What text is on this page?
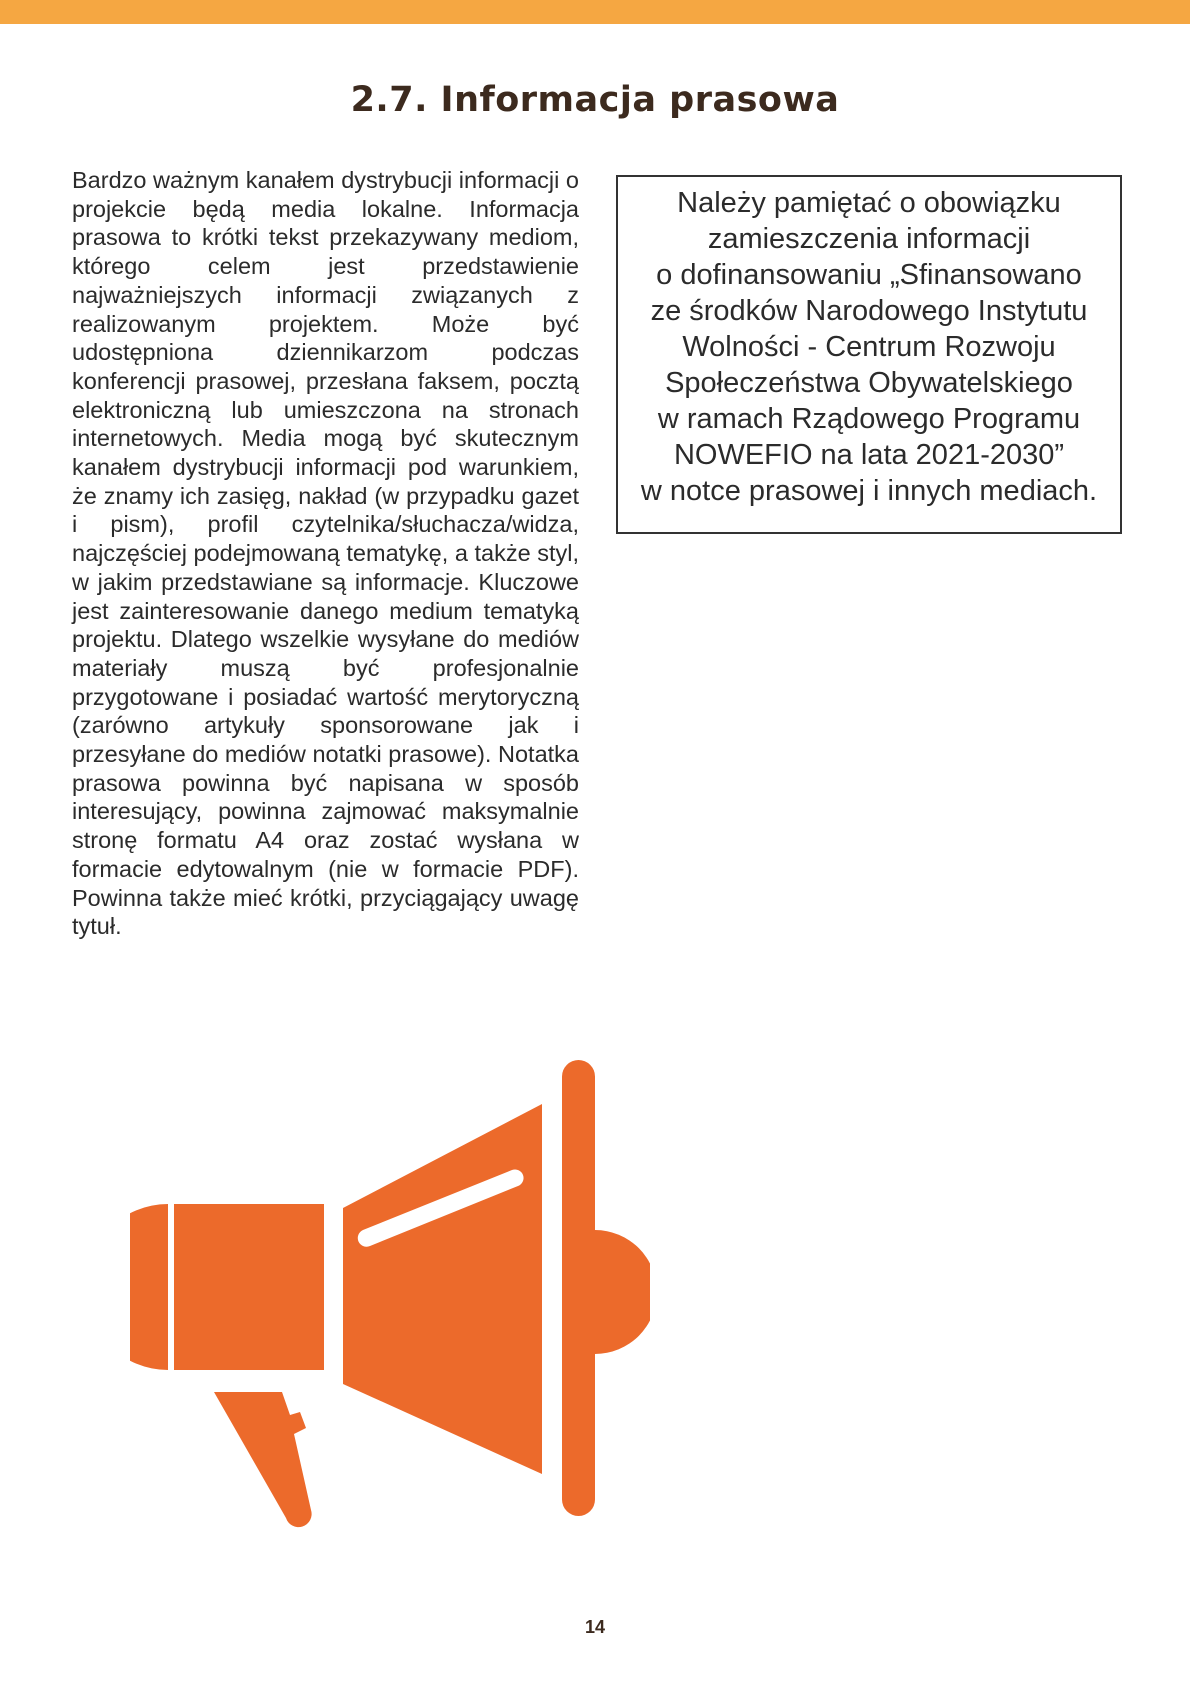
2.7. Informacja prasowa

Bardzo ważnym kanałem dystrybucji informacji o projekcie będą media lokalne. Informacja prasowa to krótki tekst przekazywany mediom, którego celem jest przedstawienie najważniejszych informacji związanych z realizowanym projektem. Może być udostępniona dziennikarzom podczas konferencji prasowej, przesłana faksem, pocztą elektroniczną lub umieszczona na stronach internetowych. Media mogą być skutecznym kanałem dystrybucji informacji pod warunkiem, że znamy ich zasięg, nakład (w przypadku gazet i pism), profil czytelnika/słuchacza/widza, najczęściej podejmowaną tematykę, a także styl, w jakim przedstawiane są informacje. Kluczowe jest zainteresowanie danego medium tematyką projektu. Dlatego wszelkie wysyłane do mediów materiały muszą być profesjonalnie przygotowane i posiadać wartość merytoryczną (zarówno artykuły sponsorowane jak i przesyłane do mediów notatki prasowe). Notatka prasowa powinna być napisana w sposób interesujący, powinna zajmować maksymalnie stronę formatu A4 oraz zostać wysłana w formacie edytowalnym (nie w formacie PDF). Powinna także mieć krótki, przyciągający uwagę tytuł.

Należy pamiętać o obowiązku
zamieszczenia informacji
o dofinansowaniu „Sfinansowano
ze środków Narodowego Instytutu
Wolności - Centrum Rozwoju
Społeczeństwa Obywatelskiego
w ramach Rządowego Programu
NOWEFIO na lata 2021-2030”
w notce prasowej i innych mediach.

14
